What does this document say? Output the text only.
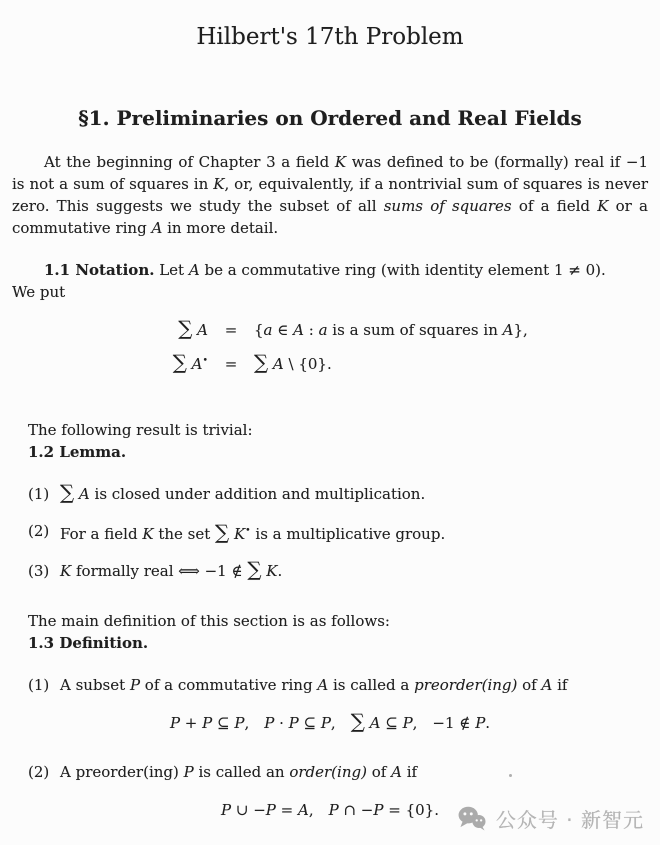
Hilbert's 17th Problem
§1. Preliminaries on Ordered and Real Fields

At the beginning of Chapter 3 a field K was defined to be (formally) real if −1 is not a sum of squares in K, or, equivalently, if a nontrivial sum of squares is never zero. This suggests we study the subset of all sums of squares of a field K or a commutative ring A in more detail.

1.1 Notation. Let A be a commutative ring (with identity element 1 ≠ 0).
We put
∑ A	=	{a ∈ A : a is a sum of squares in A},
∑ A•	= ∑ A \ {0}.
The following result is trivial:
1.2 Lemma.
(1) ∑ A is closed under addition and multiplication.
(2) For a field K the set ∑ K• is a multiplicative group.
(3) K formally real ⟺ −1 ∉ ∑ K.
The main definition of this section is as follows:
1.3 Definition.
(1) A subset P of a commutative ring A is called a preorder(ing) of A if
P + P ⊆ P, P · P ⊆ P, ∑ A ⊆ P, −1 ∉ P.
(2) A preorder(ing) P is called an order(ing) of A if
P ∪ −P = A, P ∩ −P = {0}.	公众号 · 新智元
